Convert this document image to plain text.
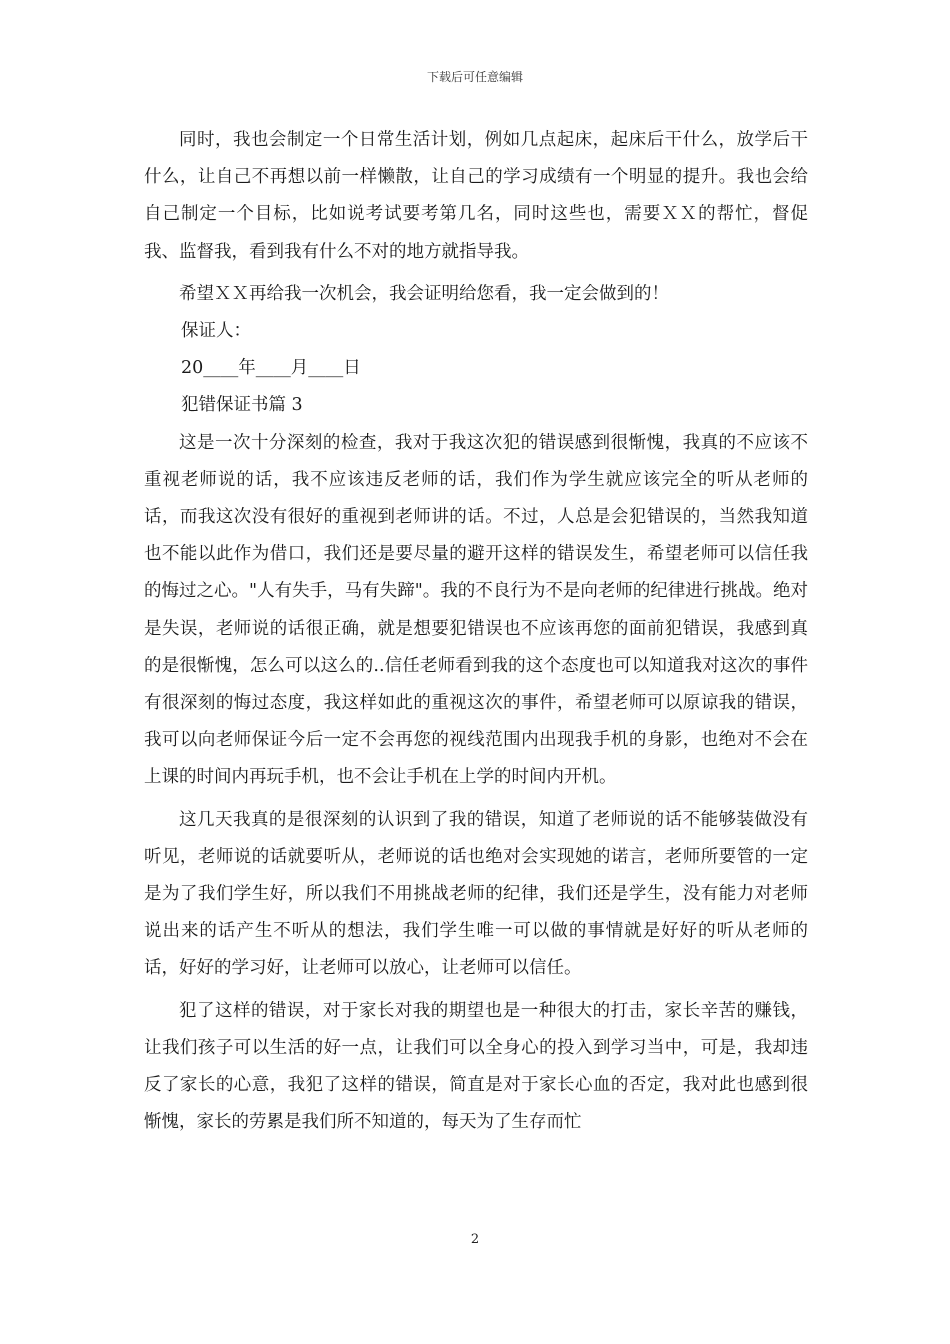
下载后可任意编辑

同时，我也会制定一个日常生活计划，例如几点起床，起床后干什么，放学后干什么，让自己不再想以前一样懒散，让自己的学习成绩有一个明显的提升。我也会给自己制定一个目标，比如说考试要考第几名，同时这些也，需要ＸＸ的帮忙，督促我、监督我，看到我有什么不对的地方就指导我。

希望ＸＸ再给我一次机会，我会证明给您看，我一定会做到的！

保证人：

20____年____月____日

犯错保证书篇 3

这是一次十分深刻的检查，我对于我这次犯的错误感到很惭愧，我真的不应该不重视老师说的话，我不应该违反老师的话，我们作为学生就应该完全的听从老师的话，而我这次没有很好的重视到老师讲的话。不过，人总是会犯错误的，当然我知道也不能以此作为借口，我们还是要尽量的避开这样的错误发生，希望老师可以信任我的悔过之心。"人有失手，马有失蹄"。我的不良行为不是向老师的纪律进行挑战。绝对是失误，老师说的话很正确，就是想要犯错误也不应该再您的面前犯错误，我感到真的是很惭愧，怎么可以这么的..信任老师看到我的这个态度也可以知道我对这次的事件有很深刻的悔过态度，我这样如此的重视这次的事件，希望老师可以原谅我的错误，我可以向老师保证今后一定不会再您的视线范围内出现我手机的身影，也绝对不会在上课的时间内再玩手机，也不会让手机在上学的时间内开机。

这几天我真的是很深刻的认识到了我的错误，知道了老师说的话不能够装做没有听见，老师说的话就要听从，老师说的话也绝对会实现她的诺言，老师所要管的一定是为了我们学生好，所以我们不用挑战老师的纪律，我们还是学生，没有能力对老师说出来的话产生不听从的想法，我们学生唯一可以做的事情就是好好的听从老师的话，好好的学习好，让老师可以放心，让老师可以信任。

犯了这样的错误，对于家长对我的期望也是一种很大的打击，家长辛苦的赚钱，让我们孩子可以生活的好一点，让我们可以全身心的投入到学习当中，可是，我却违反了家长的心意，我犯了这样的错误，简直是对于家长心血的否定，我对此也感到很惭愧，家长的劳累是我们所不知道的，每天为了生存而忙

2
